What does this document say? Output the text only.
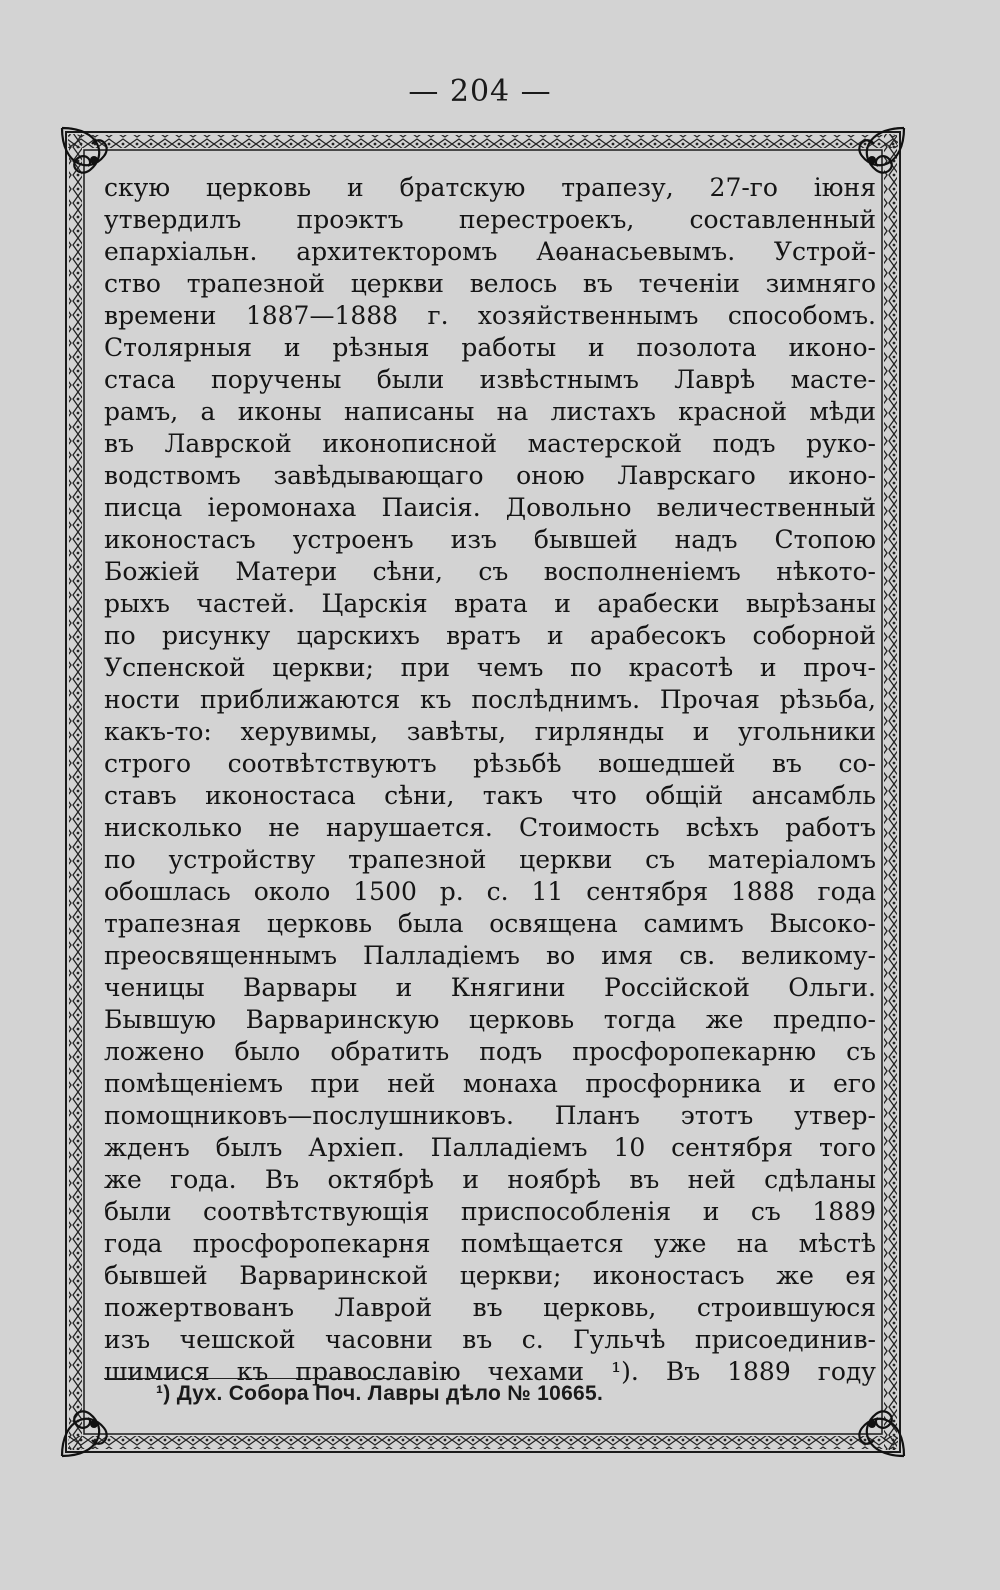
— 204 —
скую церковь и братскую трапезу, 27-го іюня
утвердилъ проэктъ перестроекъ, составленный
епархіальн. архитекторомъ Аѳанасьевымъ. Устрой-
ство трапезной церкви велось въ теченіи зимняго
времени 1887—1888 г. хозяйственнымъ способомъ.
Столярныя и рѣзныя работы и позолота иконо-
стаса поручены были извѣстнымъ Лаврѣ масте-
рамъ, а иконы написаны на листахъ красной мѣди
въ Лаврской иконописной мастерской подъ руко-
водствомъ завѣдывающаго оною Лаврскаго иконо-
писца іеромонаха Паисія. Довольно величественный
иконостасъ устроенъ изъ бывшей надъ Стопою
Божіей Матери сѣни, съ восполненіемъ нѣкото-
рыхъ частей. Царскія врата и арабески вырѣзаны
по рисунку царскихъ вратъ и арабесокъ соборной
Успенской церкви; при чемъ по красотѣ и проч-
ности приближаются къ послѣднимъ. Прочая рѣзьба,
какъ-то: херувимы, завѣты, гирлянды и угольники
строго соотвѣтствуютъ рѣзьбѣ вошедшей въ со-
ставъ иконостаса сѣни, такъ что общій ансамбль
нисколько не нарушается. Стоимость всѣхъ работъ
по устройству трапезной церкви съ матеріаломъ
обошлась около 1500 р. с. 11 сентября 1888 года
трапезная церковь была освящена самимъ Высоко-
преосвященнымъ Палладіемъ во имя св. великому-
ченицы Варвары и Княгини Россійской Ольги.
Бывшую Варваринскую церковь тогда же предпо-
ложено было обратить подъ просфоропекарню съ
помѣщеніемъ при ней монаха просфорника и его
помощниковъ—послушниковъ. Планъ этотъ утвер-
жденъ былъ Архіеп. Палладіемъ 10 сентября того
же года. Въ октябрѣ и ноябрѣ въ ней сдѣланы
были соотвѣтствующія приспособленія и съ 1889
года просфоропекарня помѣщается уже на мѣстѣ
бывшей Варваринской церкви; иконостасъ же ея
пожертвованъ Лаврой въ церковь, строившуюся
изъ чешской часовни въ с. Гульчѣ присоединив-
шимися къ православію чехами ¹). Въ 1889 году
¹) Дух. Собора Поч. Лавры дѣло № 10665.
